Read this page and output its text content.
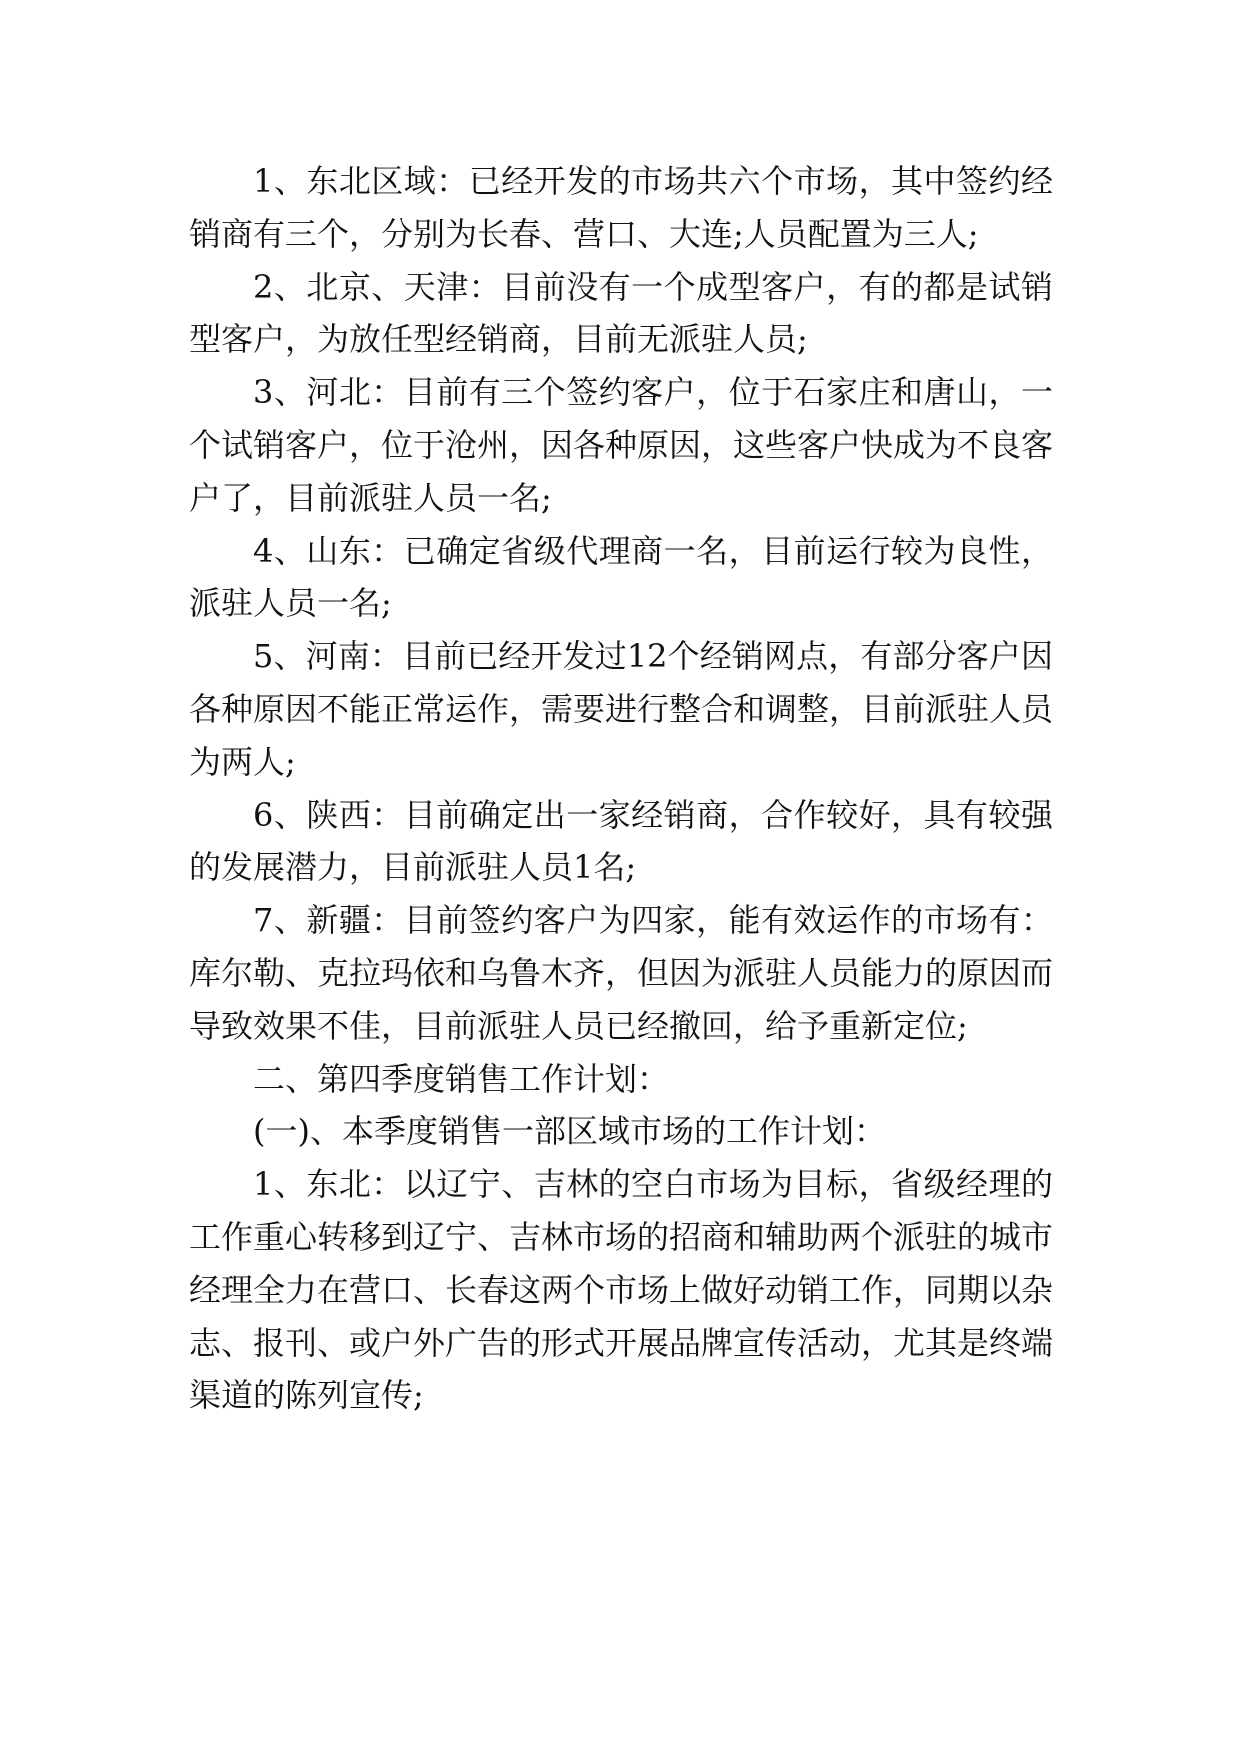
1、东北区域：已经开发的市场共六个市场，其中签约经销商有三个，分别为长春、营口、大连;人员配置为三人;

2、北京、天津：目前没有一个成型客户，有的都是试销型客户，为放任型经销商，目前无派驻人员;

3、河北：目前有三个签约客户，位于石家庄和唐山，一个试销客户，位于沧州，因各种原因，这些客户快成为不良客户了，目前派驻人员一名;

4、山东：已确定省级代理商一名，目前运行较为良性，派驻人员一名;

5、河南：目前已经开发过12个经销网点，有部分客户因各种原因不能正常运作，需要进行整合和调整，目前派驻人员为两人;

6、陕西：目前确定出一家经销商，合作较好，具有较强的发展潜力，目前派驻人员1名;

7、新疆：目前签约客户为四家，能有效运作的市场有：库尔勒、克拉玛依和乌鲁木齐，但因为派驻人员能力的原因而导致效果不佳，目前派驻人员已经撤回，给予重新定位;

二、第四季度销售工作计划：

(一)、本季度销售一部区域市场的工作计划：

1、东北：以辽宁、吉林的空白市场为目标，省级经理的工作重心转移到辽宁、吉林市场的招商和辅助两个派驻的城市经理全力在营口、长春这两个市场上做好动销工作，同期以杂志、报刊、或户外广告的形式开展品牌宣传活动，尤其是终端渠道的陈列宣传;
